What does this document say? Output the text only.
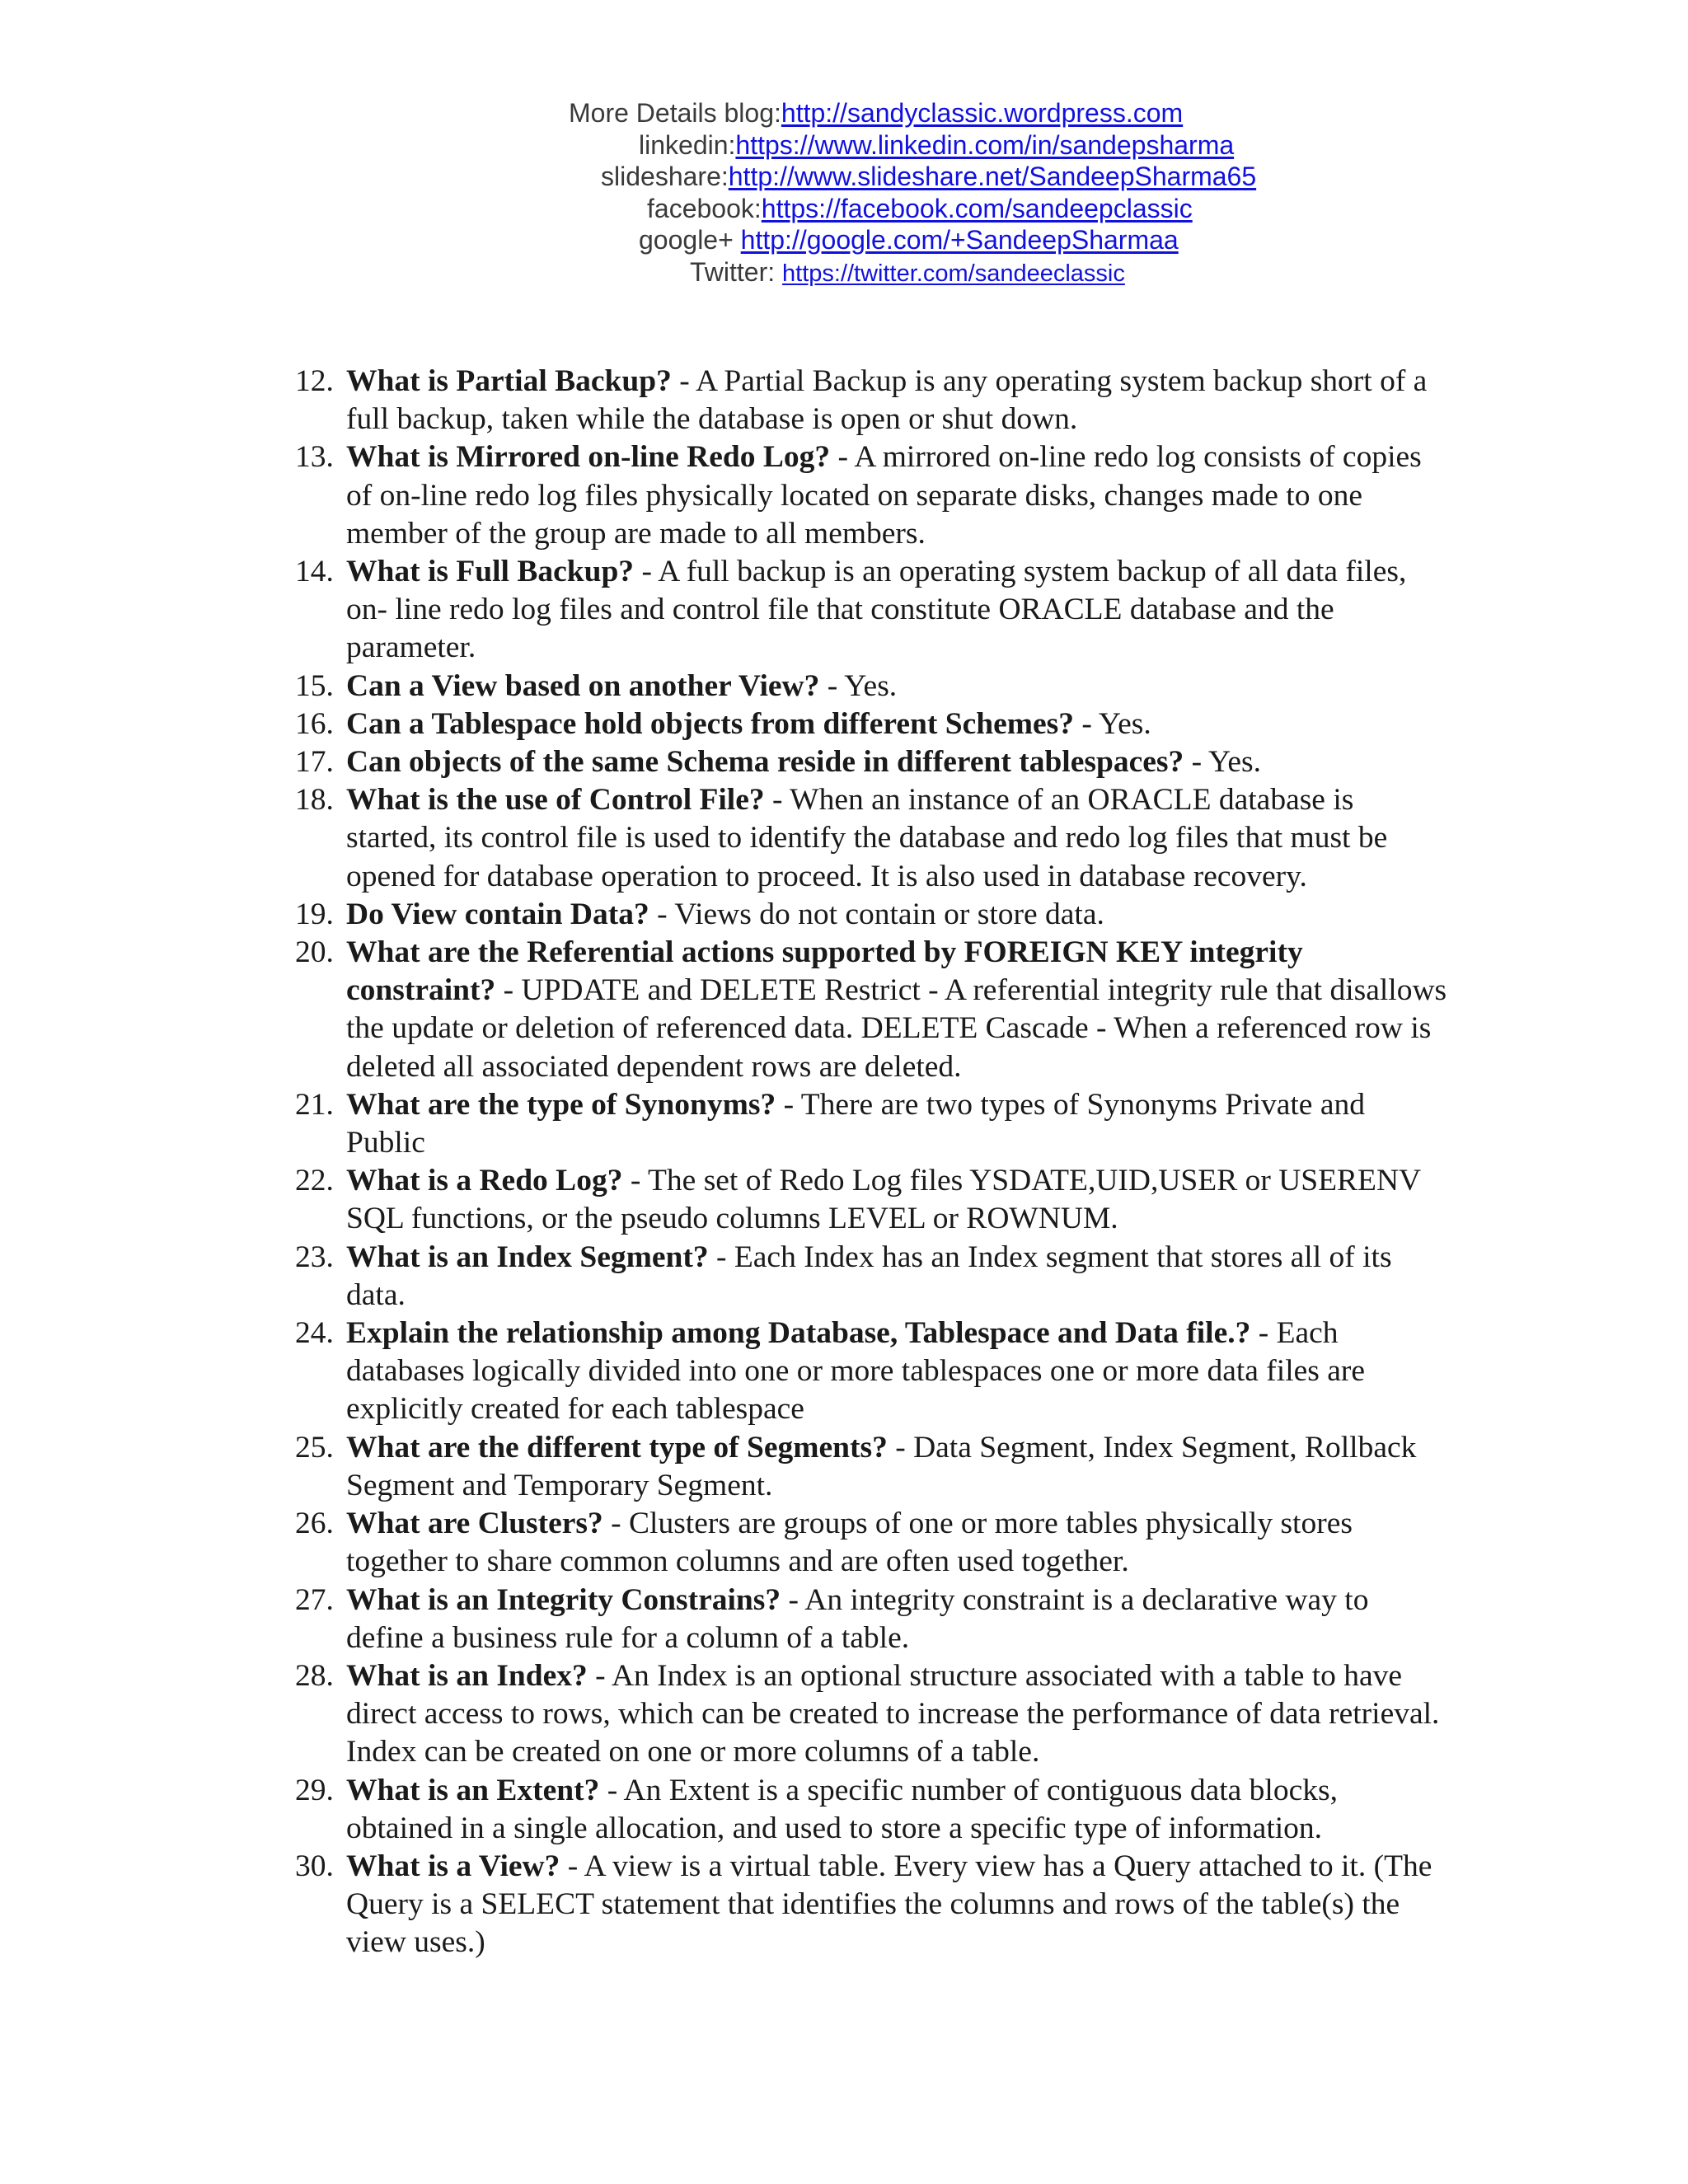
More Details blog:http://sandyclassic.wordpress.com
linkedin:https://www.linkedin.com/in/sandepsharma
slideshare:http://www.slideshare.net/SandeepSharma65
facebook:https://facebook.com/sandeepclassic
google+ http://google.com/+SandeepSharmaa
Twitter: https://twitter.com/sandeeclassic
12. What is Partial Backup? - A Partial Backup is any operating system backup short of a full backup, taken while the database is open or shut down.
13. What is Mirrored on-line Redo Log? - A mirrored on-line redo log consists of copies of on-line redo log files physically located on separate disks, changes made to one member of the group are made to all members.
14. What is Full Backup? - A full backup is an operating system backup of all data files, on- line redo log files and control file that constitute ORACLE database and the parameter.
15. Can a View based on another View? - Yes.
16. Can a Tablespace hold objects from different Schemes? - Yes.
17. Can objects of the same Schema reside in different tablespaces? - Yes.
18. What is the use of Control File? - When an instance of an ORACLE database is started, its control file is used to identify the database and redo log files that must be opened for database operation to proceed. It is also used in database recovery.
19. Do View contain Data? - Views do not contain or store data.
20. What are the Referential actions supported by FOREIGN KEY integrity constraint? - UPDATE and DELETE Restrict - A referential integrity rule that disallows the update or deletion of referenced data. DELETE Cascade - When a referenced row is deleted all associated dependent rows are deleted.
21. What are the type of Synonyms? - There are two types of Synonyms Private and Public
22. What is a Redo Log? - The set of Redo Log files YSDATE,UID,USER or USERENV SQL functions, or the pseudo columns LEVEL or ROWNUM.
23. What is an Index Segment? - Each Index has an Index segment that stores all of its data.
24. Explain the relationship among Database, Tablespace and Data file.? - Each databases logically divided into one or more tablespaces one or more data files are explicitly created for each tablespace
25. What are the different type of Segments? - Data Segment, Index Segment, Rollback Segment and Temporary Segment.
26. What are Clusters? - Clusters are groups of one or more tables physically stores together to share common columns and are often used together.
27. What is an Integrity Constrains? - An integrity constraint is a declarative way to define a business rule for a column of a table.
28. What is an Index? - An Index is an optional structure associated with a table to have direct access to rows, which can be created to increase the performance of data retrieval. Index can be created on one or more columns of a table.
29. What is an Extent? - An Extent is a specific number of contiguous data blocks, obtained in a single allocation, and used to store a specific type of information.
30. What is a View? - A view is a virtual table. Every view has a Query attached to it. (The Query is a SELECT statement that identifies the columns and rows of the table(s) the view uses.)
